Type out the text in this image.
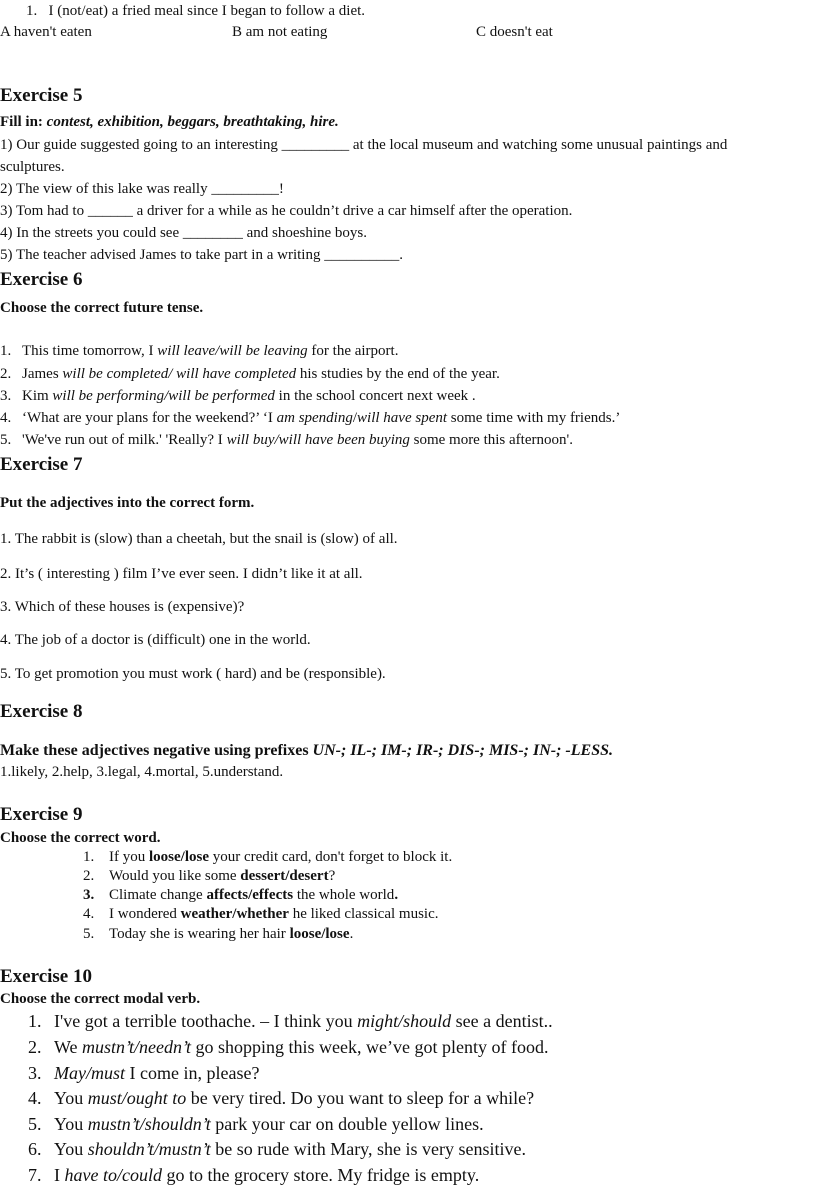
1. I (not/eat) a fried meal since I began to follow a diet.
A haven't eaten	B am not eating	C doesn't eat
Exercise 5
Fill in: contest, exhibition, beggars, breathtaking, hire.
1) Our guide suggested going to an interesting _________ at the local museum and watching some unusual paintings and
sculptures.
2) The view of this lake was really _________!
3) Tom had to ______ a driver for a while as he couldn’t drive a car himself after the operation.
4) In the streets you could see ________ and shoeshine boys.
5) The teacher advised James to take part in a writing __________.
Exercise 6
Choose the correct future tense.
1. This time tomorrow, I will leave/will be leaving for the airport.
2. James will be completed/ will have completed his studies by the end of the year.
3. Kim will be performing/will be performed in the school concert next week .
4. ‘What are your plans for the weekend?’ ‘I am spending/will have spent some time with my friends.’
5. 'We've run out of milk.' 'Really? I will buy/will have been buying some more this afternoon'.
Exercise 7
Put the adjectives into the correct form.
1. The rabbit is (slow) than a cheetah, but the snail is (slow) of all.
2. It’s ( interesting ) film I’ve ever seen. I didn’t like it at all.
3. Which of these houses is (expensive)?
4. The job of a doctor is (difficult) one in the world.
5. To get promotion you must work ( hard) and be (responsible).
Exercise 8
Make these adjectives negative using prefixes UN-; IL-; IM-; IR-; DIS-; MIS-; IN-; -LESS.
1.likely, 2.help, 3.legal, 4.mortal, 5.understand.
Exercise 9
Choose the correct word.
1. If you loose/lose your credit card, don't forget to block it.
2. Would you like some dessert/desert?
3. Climate change affects/effects the whole world.
4. I wondered weather/whether he liked classical music.
5. Today she is wearing her hair loose/lose.
Exercise 10
Choose the correct modal verb.
1. I've got a terrible toothache. – I think you might/should see a dentist..
2. We mustn’t/needn’t go shopping this week, we’ve got plenty of food.
3. May/must I come in, please?
4. You must/ought to be very tired. Do you want to sleep for a while?
5. You mustn’t/shouldn’t park your car on double yellow lines.
6. You shouldn’t/mustn’t be so rude with Mary, she is very sensitive.
7. I have to/could go to the grocery store. My fridge is empty.
